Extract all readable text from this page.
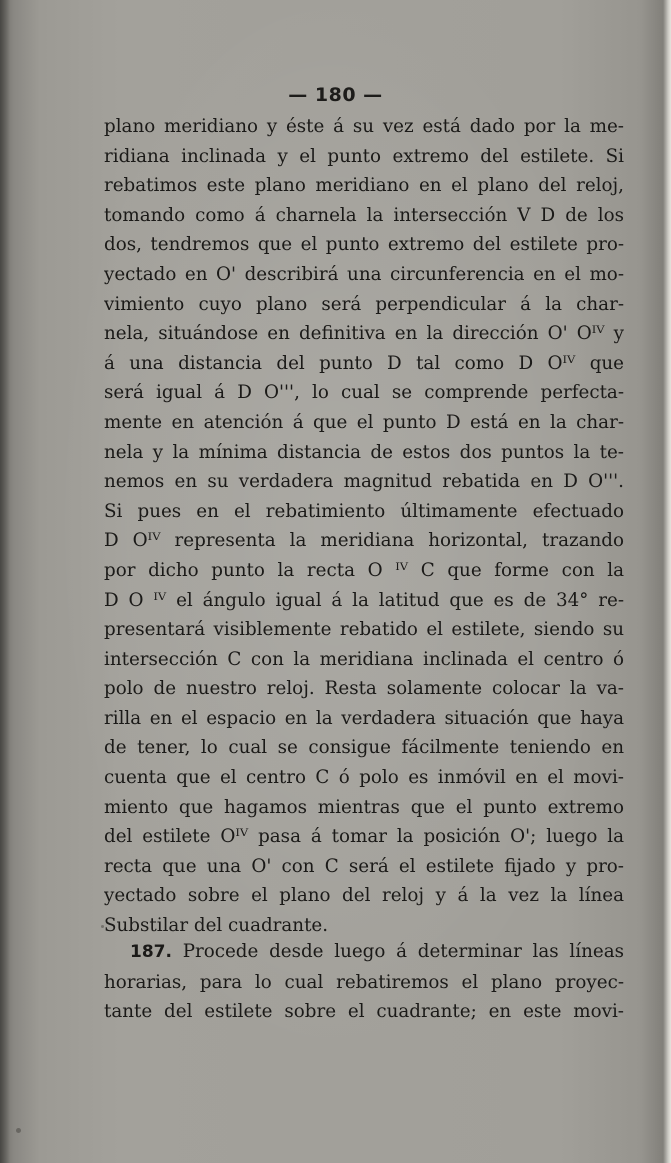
— 180 —
plano meridiano y éste á su vez está dado por la me-
ridiana inclinada y el punto extremo del estilete. Si
rebatimos este plano meridiano en el plano del reloj,
tomando como á charnela la intersección V D de los
dos, tendremos que el punto extremo del estilete pro-
yectado en O' describirá una circunferencia en el mo-
vimiento cuyo plano será perpendicular á la char-
nela, situándose en definitiva en la dirección O' Oᴵⱽ y
á una distancia del punto D tal como D Oᴵⱽ que
será igual á D O''', lo cual se comprende perfecta-
mente en atención á que el punto D está en la char-
nela y la mínima distancia de estos dos puntos la te-
nemos en su verdadera magnitud rebatida en D O'''.
Si pues en el rebatimiento últimamente efectuado
D Oᴵⱽ representa la meridiana horizontal, trazando
por dicho punto la recta O ᴵⱽ C que forme con la
D O ᴵⱽ el ángulo igual á la latitud que es de 34° re-
presentará visiblemente rebatido el estilete, siendo su
intersección C con la meridiana inclinada el centro ó
polo de nuestro reloj. Resta solamente colocar la va-
rilla en el espacio en la verdadera situación que haya
de tener, lo cual se consigue fácilmente teniendo en
cuenta que el centro C ó polo es inmóvil en el movi-
miento que hagamos mientras que el punto extremo
del estilete Oᴵⱽ pasa á tomar la posición O'; luego la
recta que una O' con C será el estilete fijado y pro-
yectado sobre el plano del reloj y á la vez la línea
Substilar del cuadrante.
187. Procede desde luego á determinar las líneas
horarias, para lo cual rebatiremos el plano proyec-
tante del estilete sobre el cuadrante; en este movi-
